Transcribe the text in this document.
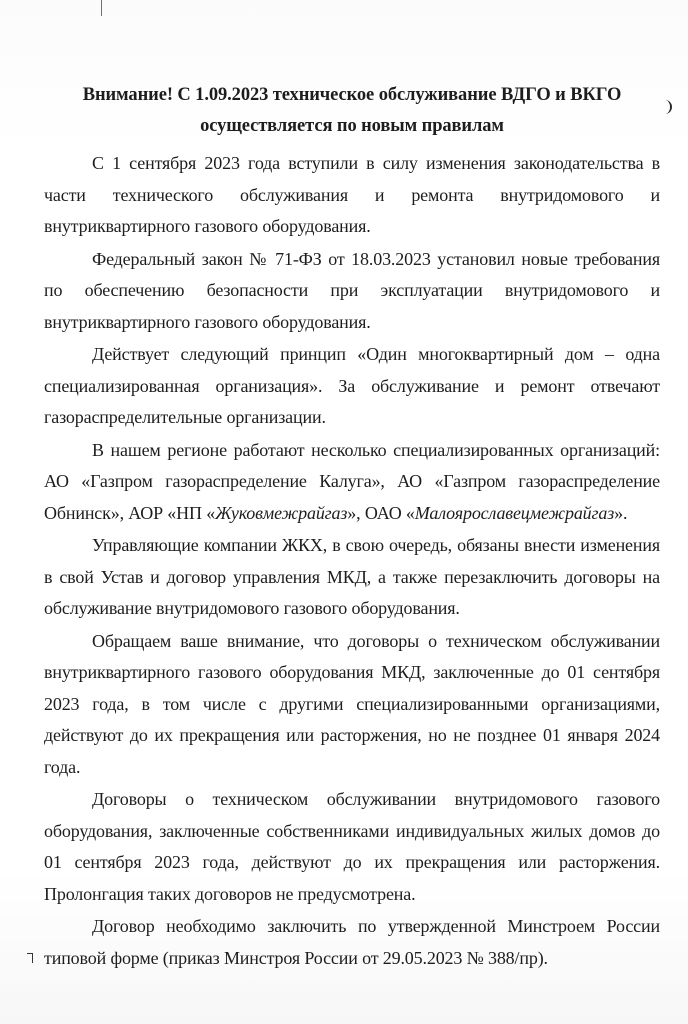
Внимание! С 1.09.2023 техническое обслуживание ВДГО и ВКГО
осуществляется по новым правилам

С 1 сентября 2023 года вступили в силу изменения законодательства в части технического обслуживания и ремонта внутридомового и внутриквартирного газового оборудования.

Федеральный закон № 71-ФЗ от 18.03.2023 установил новые требования по обеспечению безопасности при эксплуатации внутридомового и внутриквартирного газового оборудования.

Действует следующий принцип «Один многоквартирный дом – одна специализированная организация». За обслуживание и ремонт отвечают газораспределительные организации.

В нашем регионе работают несколько специализированных организаций: АО «Газпром газораспределение Калуга», АО «Газпром газораспределение Обнинск», АОР «НП «Жуковмежрайгаз», ОАО «Малоярославецмежрайгаз».

Управляющие компании ЖКХ, в свою очередь, обязаны внести изменения в свой Устав и договор управления МКД, а также перезаключить договоры на обслуживание внутридомового газового оборудования.

Обращаем ваше внимание, что договоры о техническом обслуживании внутриквартирного газового оборудования МКД, заключенные до 01 сентября 2023 года, в том числе с другими специализированными организациями, действуют до их прекращения или расторжения, но не позднее 01 января 2024 года.

Договоры о техническом обслуживании внутридомового газового оборудования, заключенные собственниками индивидуальных жилых домов до 01 сентября 2023 года, действуют до их прекращения или расторжения. Пролонгация таких договоров не предусмотрена.

Договор необходимо заключить по утвержденной Минстроем России типовой форме (приказ Минстроя России от 29.05.2023 № 388/пр).
